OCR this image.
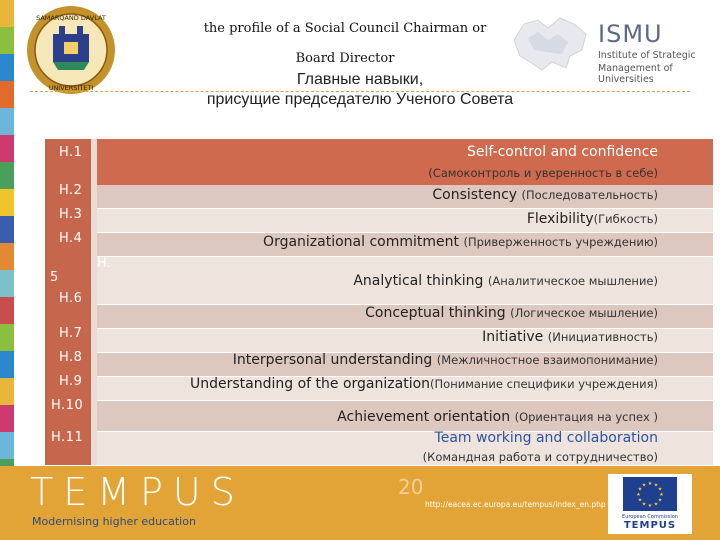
SAMARQAND DAVLAT
UNIVERSITETI
the profile of a Social Council Chairman or
Board Director
ISMU
Institute of Strategic
Management of Universities
Главные навыки,
присущие председателю Ученого Совета
H.1
H.2
H.3
H.4
5
H.6
H.7
H.8
H.9
H.10
H.11
H.
Self-control and confidence
(Самоконтроль и уверенность в себе)
Consistency (Последовательность)
Flexibility(Гибкость)
Organizational commitment (Приверженность учреждению)
Analytical thinking (Аналитическое мышление)
Conceptual thinking (Логическое мышление)
Initiative (Инициативность)
Interpersonal understanding (Межличностное взаимопонимание)
Understanding of the organization(Понимание специфики учреждения)
Achievement orientation (Ориентация на успех )
Team working and collaboration
(Командная работа и сотрудничество)
TEMPUS
Modernising higher education
20
http://eacea.ec.europa.eu/tempus/index_en.php
★ ★
★
★
★
★
★
★
★
★
★
★
European Commission
TEMPUS
